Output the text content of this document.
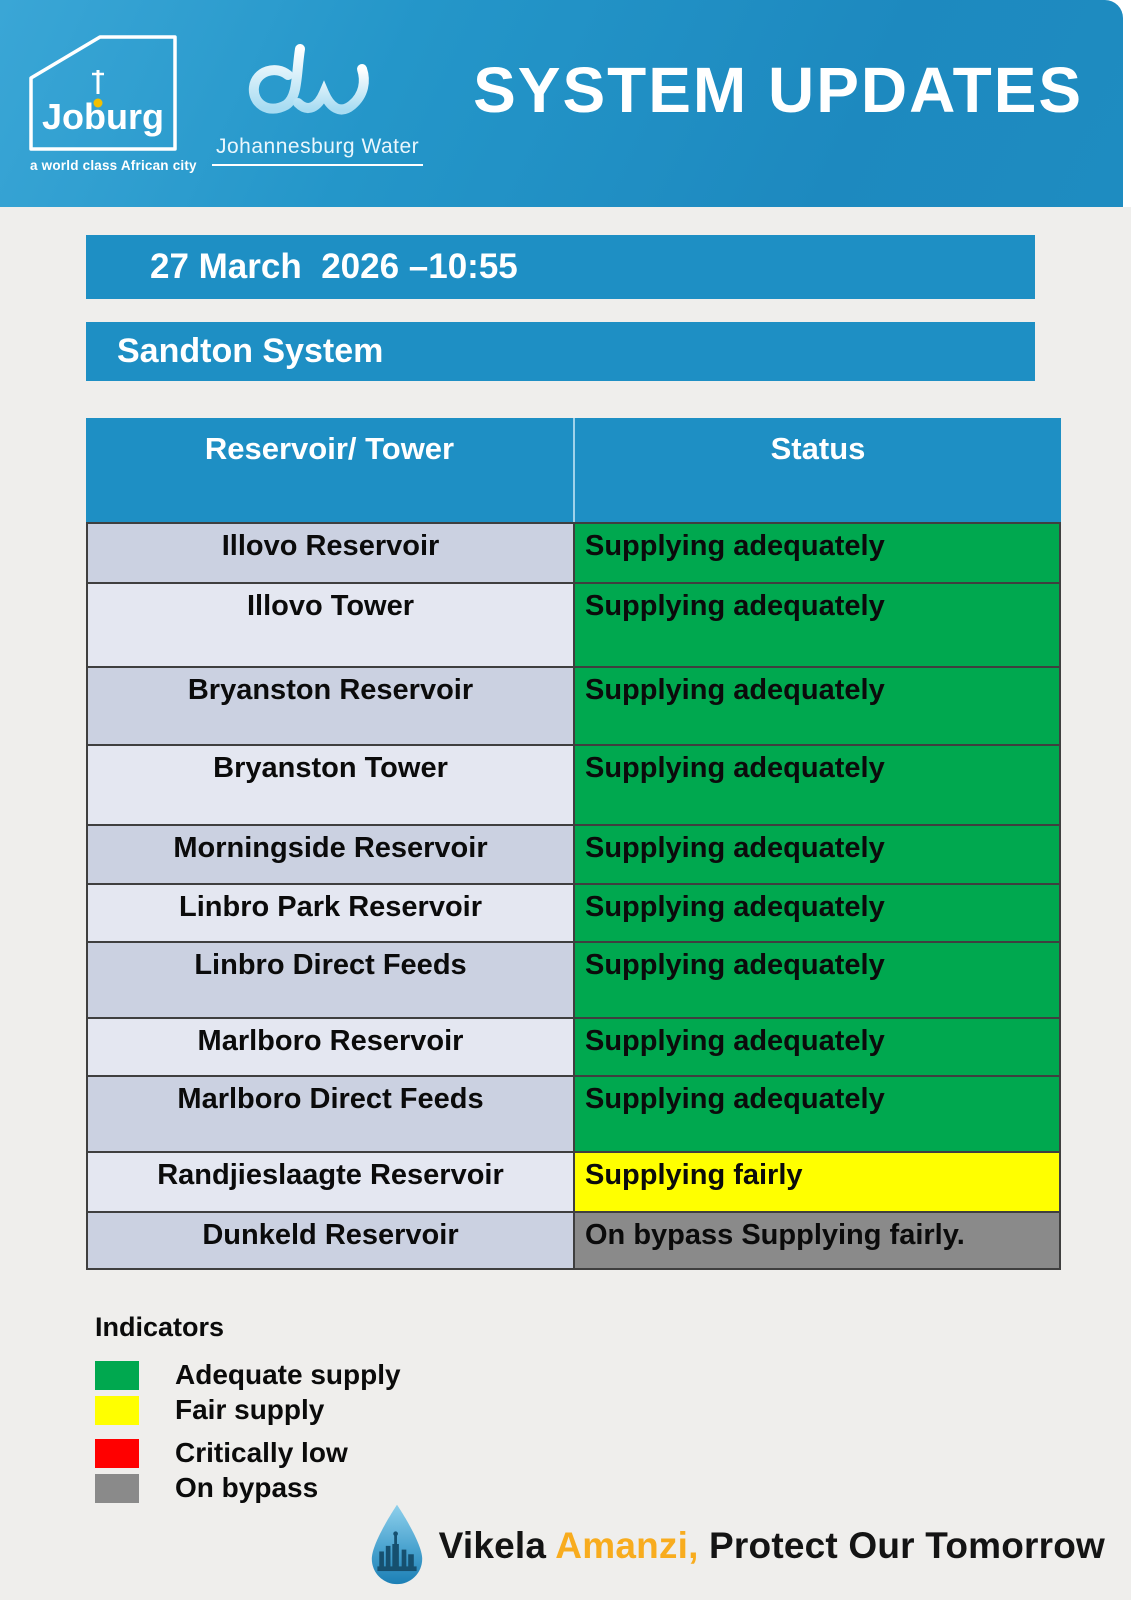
Joburg
a world class African city
Johannesburg Water
SYSTEM UPDATES
27 March  2026 –10:55
Sandton System
Reservoir/ Tower	Status
Illovo Reservoir	Supplying adequately
Illovo Tower	Supplying adequately
Bryanston Reservoir	Supplying adequately
Bryanston Tower	Supplying adequately
Morningside Reservoir	Supplying adequately
Linbro Park Reservoir	Supplying adequately
Linbro Direct Feeds	Supplying adequately
Marlboro Reservoir	Supplying adequately
Marlboro Direct Feeds	Supplying adequately
Randjieslaagte Reservoir	Supplying fairly
Dunkeld Reservoir	On bypass Supplying fairly.
Indicators
Adequate supply
Fair supply
Critically low
On bypass
Vikela Amanzi, Protect Our Tomorrow
